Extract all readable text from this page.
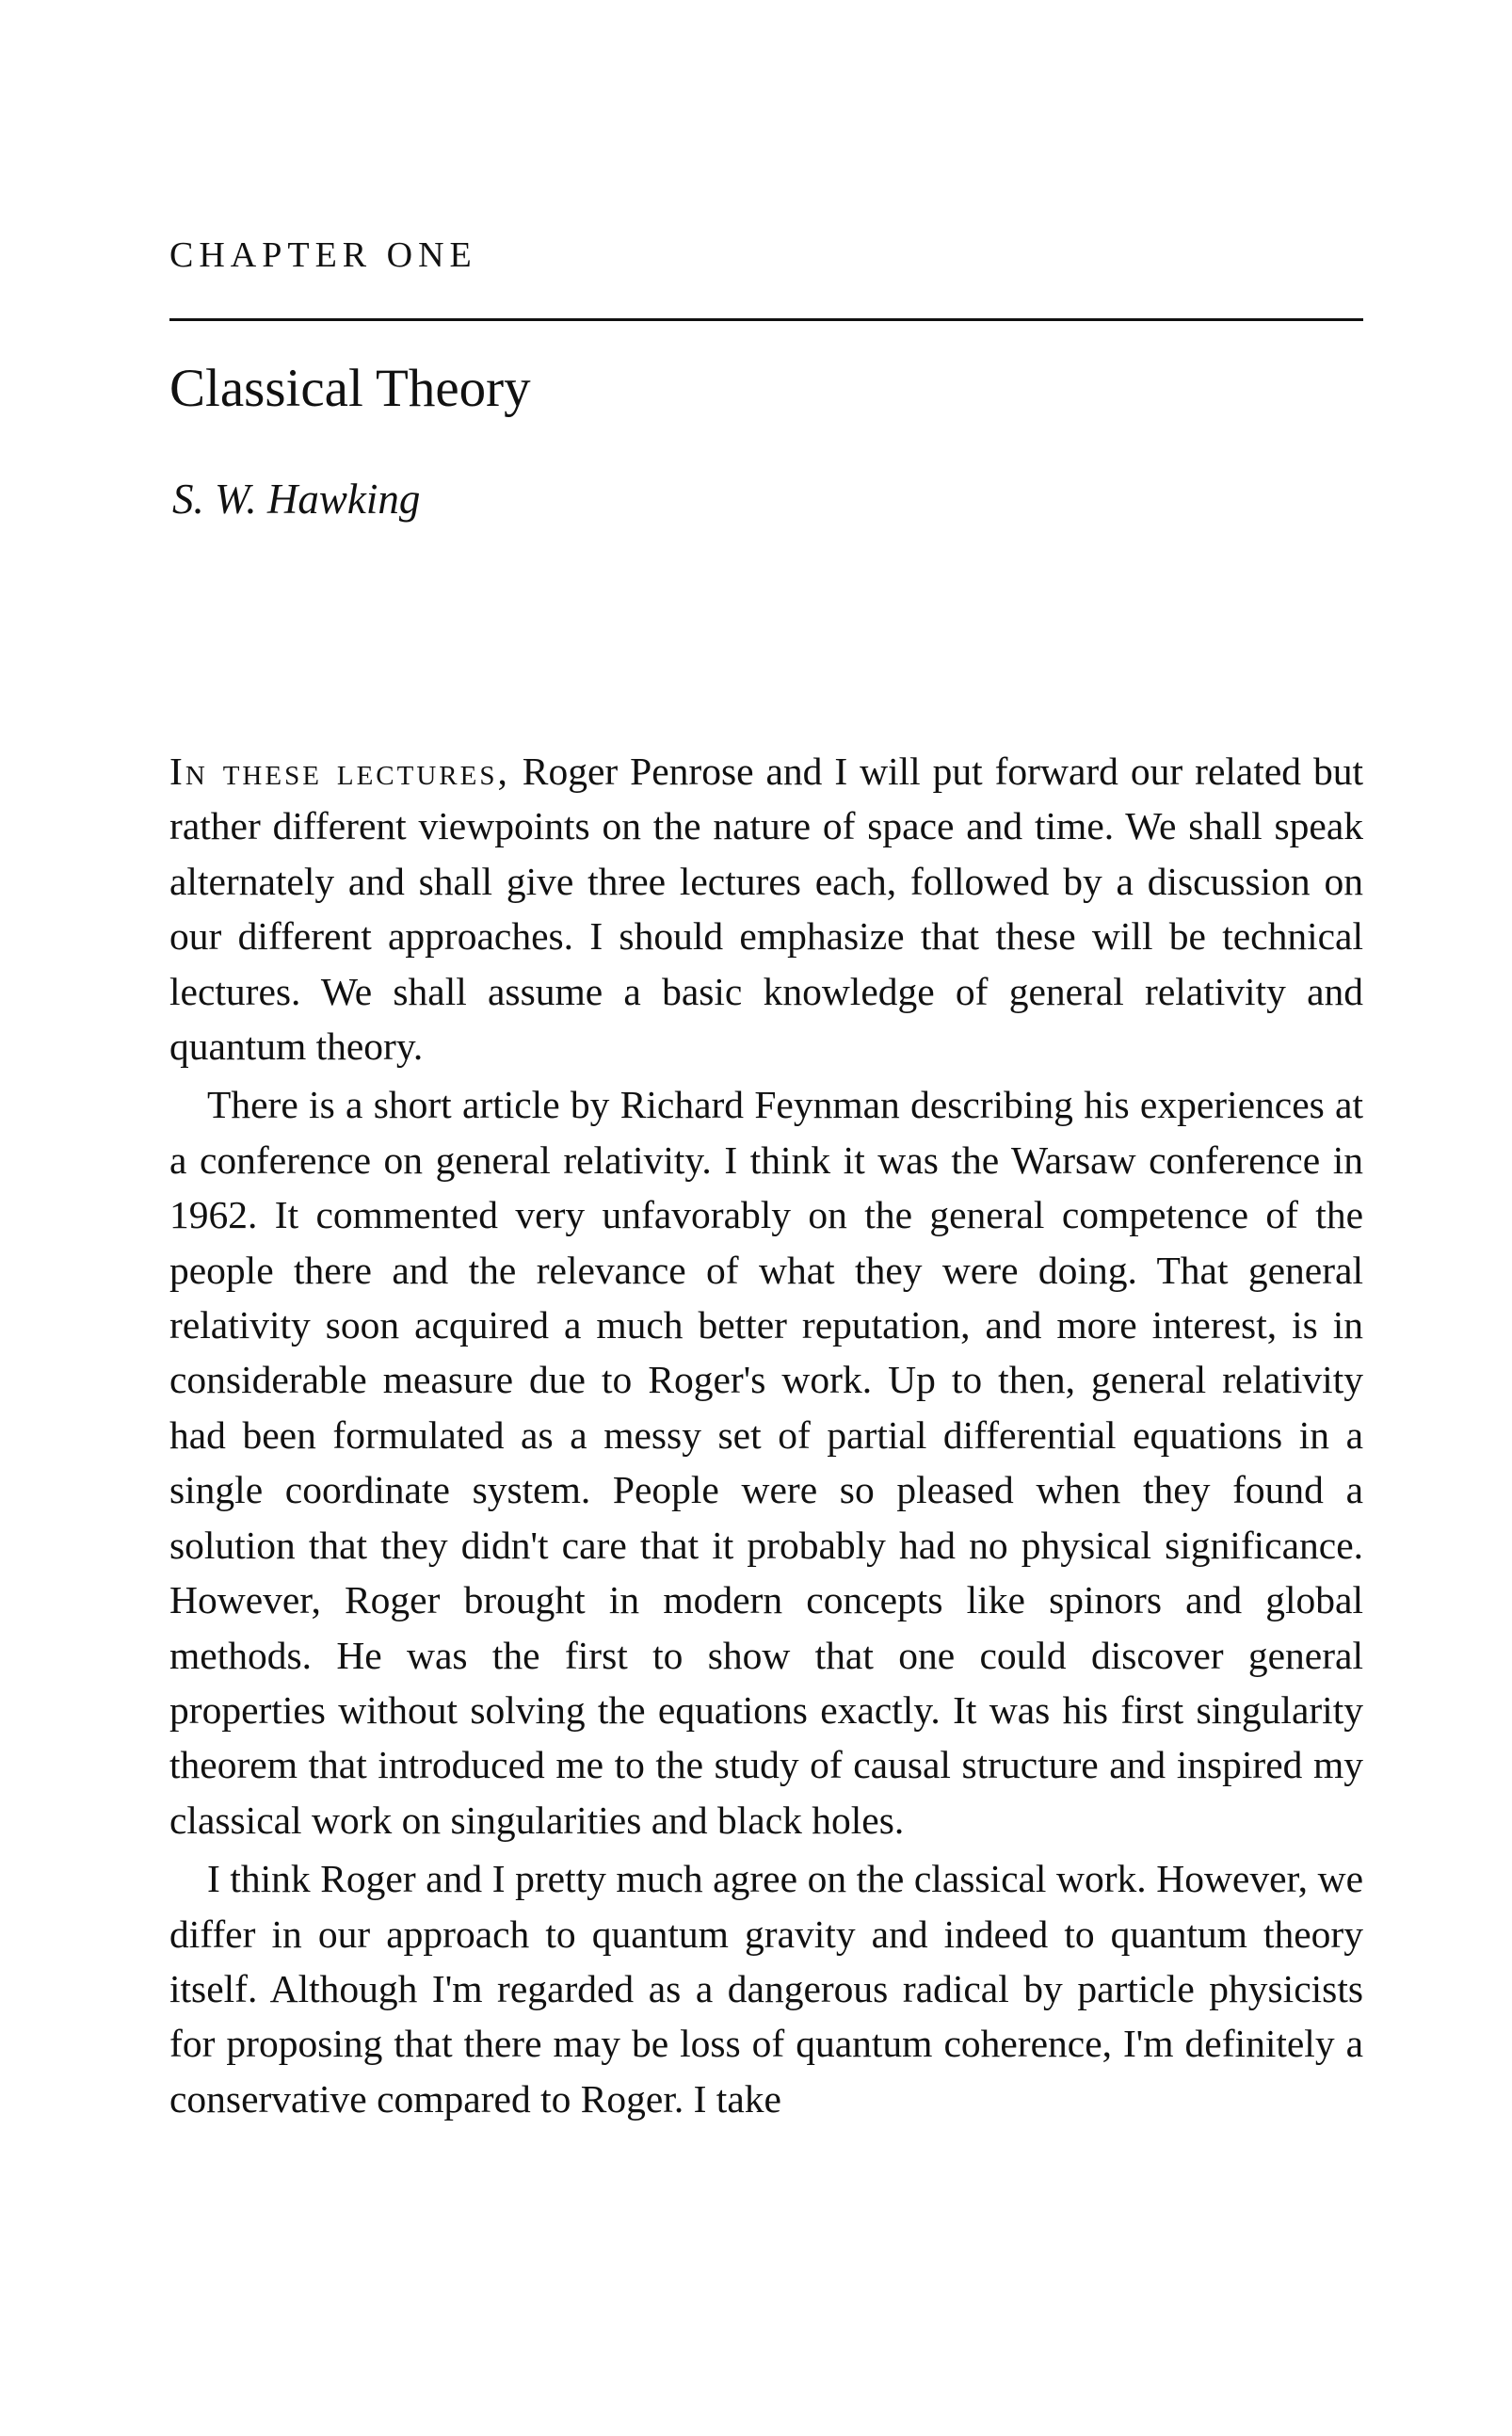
CHAPTER ONE
Classical Theory
S. W. Hawking

In these lectures, Roger Penrose and I will put forward our related but rather different viewpoints on the nature of space and time. We shall speak alternately and shall give three lectures each, followed by a discussion on our different approaches. I should emphasize that these will be technical lectures. We shall assume a basic knowledge of general relativity and quantum theory.

There is a short article by Richard Feynman describing his experiences at a conference on general relativity. I think it was the Warsaw conference in 1962. It commented very unfavorably on the general competence of the people there and the relevance of what they were doing. That general relativity soon acquired a much better reputation, and more interest, is in considerable measure due to Roger's work. Up to then, general relativity had been formulated as a messy set of partial differential equations in a single coordinate system. People were so pleased when they found a solution that they didn't care that it probably had no physical significance. However, Roger brought in modern concepts like spinors and global methods. He was the first to show that one could discover general properties without solving the equations exactly. It was his first singularity theorem that introduced me to the study of causal structure and inspired my classical work on singularities and black holes.

I think Roger and I pretty much agree on the classical work. However, we differ in our approach to quantum gravity and indeed to quantum theory itself. Although I'm regarded as a dangerous radical by particle physicists for proposing that there may be loss of quantum coherence, I'm definitely a conservative compared to Roger. I take
